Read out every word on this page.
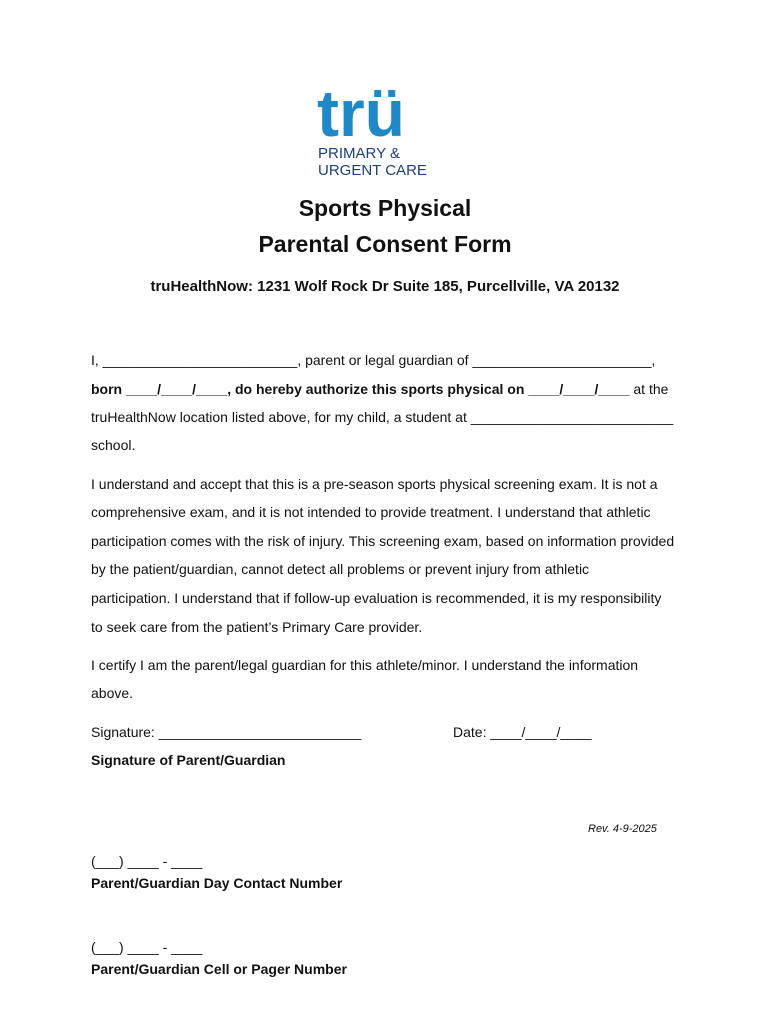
trü
PRIMARY &
URGENT CARE
Sports Physical
Parental Consent Form
truHealthNow: 1231 Wolf Rock Dr Suite 185, Purcellville, VA 20132
I, _________________________, parent or legal guardian of _______________________,
born ____/____/____, do hereby authorize this sports physical on ____/____/____ at the
truHealthNow location listed above, for my child, a student at __________________________
school.
I understand and accept that this is a pre-season sports physical screening exam. It is not a
comprehensive exam, and it is not intended to provide treatment. I understand that athletic
participation comes with the risk of injury. This screening exam, based on information provided
by the patient/guardian, cannot detect all problems or prevent injury from athletic
participation. I understand that if follow-up evaluation is recommended, it is my responsibility
to seek care from the patient’s Primary Care provider.
I certify I am the parent/legal guardian for this athlete/minor. I understand the information
above.
Signature: __________________________	Date: ____/____/____
Signature of Parent/Guardian
Rev. 4-9-2025
(___) ____ - ____
Parent/Guardian Day Contact Number
(___) ____ - ____
Parent/Guardian Cell or Pager Number
